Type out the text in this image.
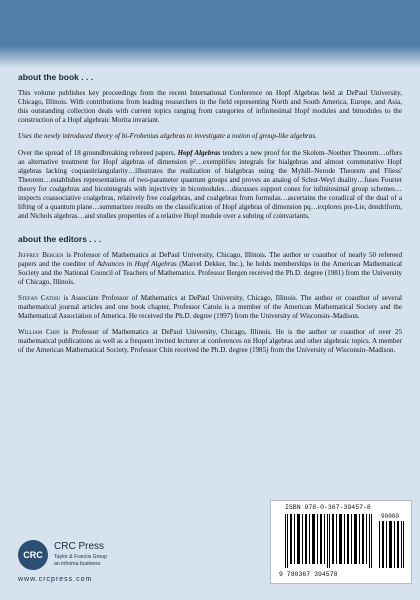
about the book . . .

This volume publishes key proceedings from the recent International Conference on Hopf Algebras held at DePaul University, Chicago, Illinois. With contributions from leading researchers in the field representing North and South America, Europe, and Asia, this outstanding collection deals with current topics ranging from categories of infinitesimal Hopf modules and bimodules to the construction of a Hopf algebraic Morita invariant.

Uses the newly introduced theory of bi-Frobenius algebras to investigate a notion of group-like algebras.

Over the spread of 18 groundbreaking refereed papers, Hopf Algebras tenders a new proof for the Skolem–Noether Theorem…offers an alternative treatment for Hopf algebras of dimension p²…exemplifies integrals for bialgebras and almost commutative Hopf algebras lacking coquasitriangularity…illustrates the realization of bialgebras using the Myhill–Nerode Theorem and Fliess' Theorem…establishes representations of two-parameter quantum groups and proves an analog of Schur-Weyl duality…fuses Fourier theory for coalgebras and bicointegrals with injectivity in bicomodules…discusses support cones for infinitesimal group schemes…inspects coassociative coalgebras, relatively free coalgebras, and coalgebras from formulas…ascertains the coradical of the dual of a lifting of a quantum plane…summarizes results on the classification of Hopf algebras of dimension pq…explores pre-Lie, dendriform, and Nichols algebras…and studies properties of a relative Hopf module over a subring of coinvariants.

about the editors . . .

Jeffrey Bergen is Professor of Mathematics at DePaul University, Chicago, Illinois. The author or coauthor of nearly 50 refereed papers and the coeditor of Advances in Hopf Algebras (Marcel Dekker, Inc.), he holds memberships in the American Mathematical Society and the National Council of Teachers of Mathematics. Professor Bergen received the Ph.D. degree (1981) from the University of Chicago, Illinois.

Stefan Catoiu is Associate Professor of Mathematics at DePaul University, Chicago, Illinois. The author or coauthor of several mathematical journal articles and one book chapter, Professor Catoiu is a member of the American Mathematical Society and the Mathematical Association of America. He received the Ph.D. degree (1997) from the University of Wisconsin–Madison.

William Chin is Professor of Mathematics at DePaul University, Chicago, Illinois. He is the author or coauthor of over 25 mathematical publications as well as a frequent invited lecturer at conferences on Hopf algebras and other algebraic topics. A member of the American Mathematical Society, Professor Chin received the Ph.D. degree (1985) from the University of Wisconsin–Madison.

CRC
CRC Press
Taylor & Francis Group
an informa business
www.crcpress.com
ISBN 978-0-367-39457-8
90000
9 780367 394578
